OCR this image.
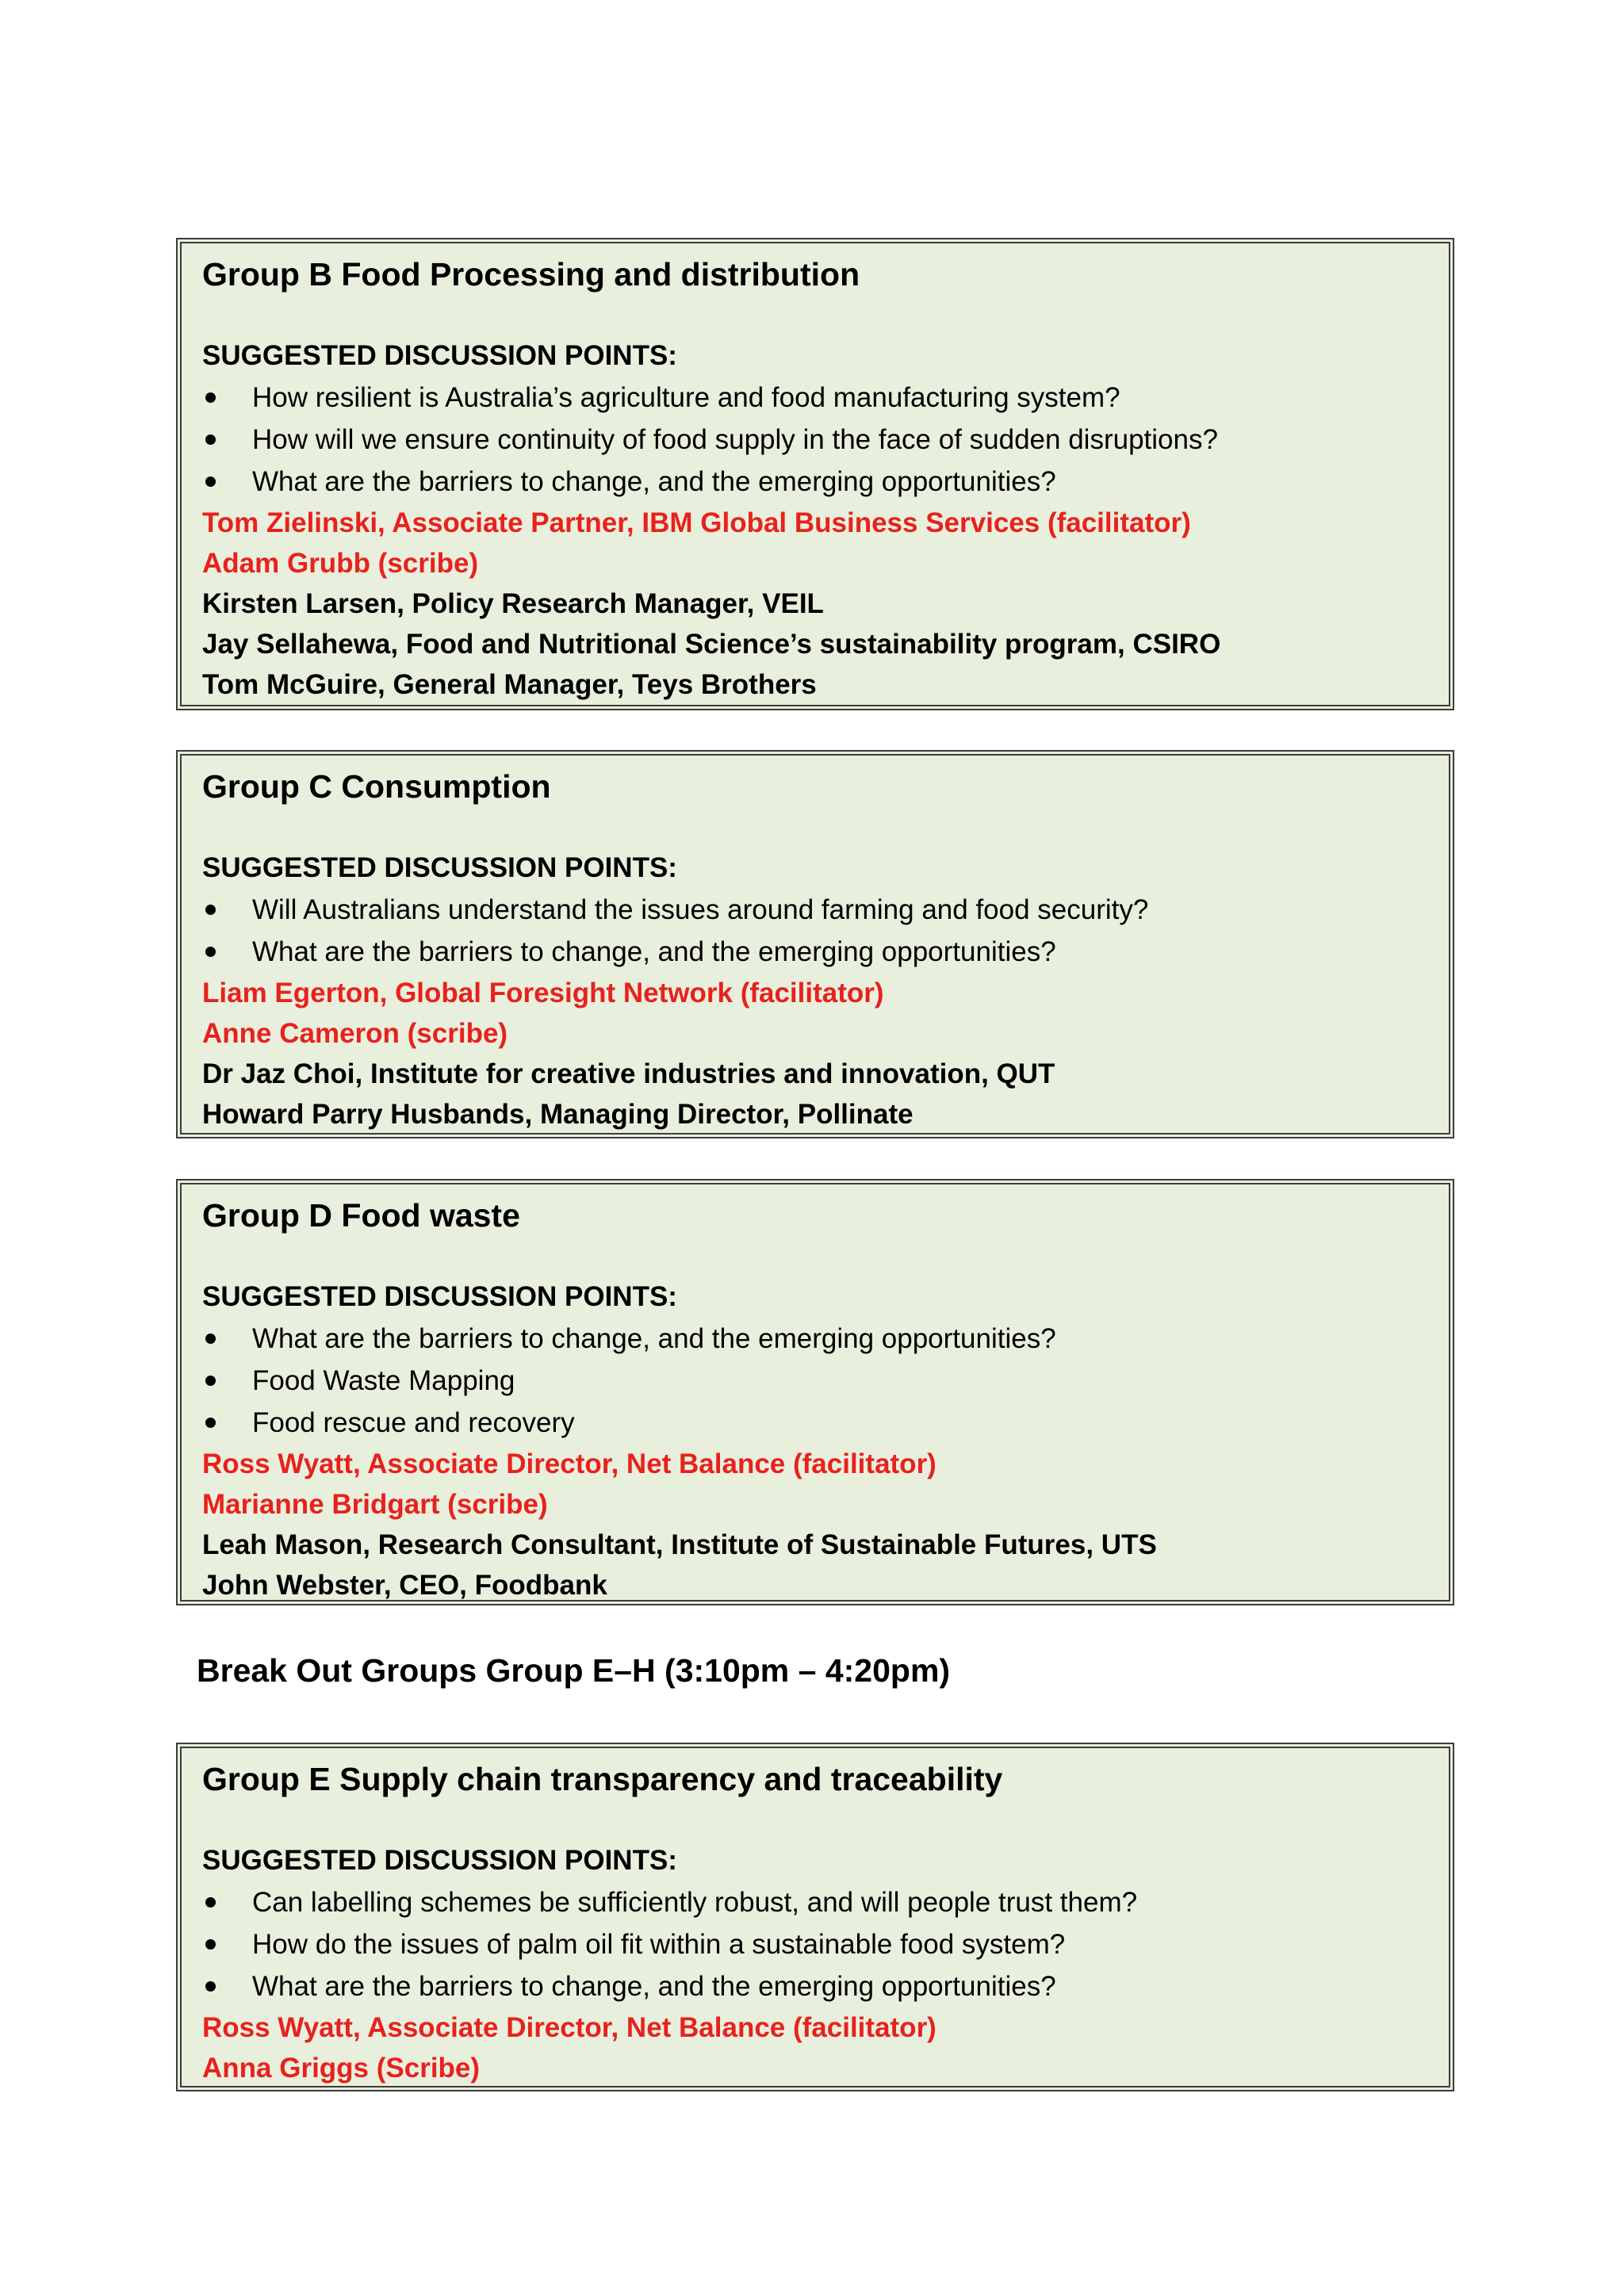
Group B Food Processing and distribution
SUGGESTED DISCUSSION POINTS:
How resilient is Australia’s agriculture and food manufacturing system?
How will we ensure continuity of food supply in the face of sudden disruptions?
What are the barriers to change, and the emerging opportunities?
Tom Zielinski, Associate Partner, IBM Global Business Services (facilitator)
Adam Grubb (scribe)
Kirsten Larsen, Policy Research Manager, VEIL
Jay Sellahewa, Food and Nutritional Science’s sustainability program, CSIRO
Tom McGuire, General Manager, Teys Brothers
Group C Consumption
SUGGESTED DISCUSSION POINTS:
Will Australians understand the issues around farming and food security?
What are the barriers to change, and the emerging opportunities?
Liam Egerton, Global Foresight Network (facilitator)
Anne Cameron (scribe)
Dr Jaz Choi, Institute for creative industries and innovation, QUT
Howard Parry Husbands, Managing Director, Pollinate
Group D Food waste
SUGGESTED DISCUSSION POINTS:
What are the barriers to change, and the emerging opportunities?
Food Waste Mapping
Food rescue and recovery
Ross Wyatt, Associate Director, Net Balance (facilitator)
Marianne Bridgart (scribe)
Leah Mason, Research Consultant, Institute of Sustainable Futures, UTS
John Webster, CEO, Foodbank
Break Out Groups Group E–H (3:10pm – 4:20pm)
Group E Supply chain transparency and traceability
SUGGESTED DISCUSSION POINTS:
Can labelling schemes be sufficiently robust, and will people trust them?
How do the issues of palm oil fit within a sustainable food system?
What are the barriers to change, and the emerging opportunities?
Ross Wyatt, Associate Director, Net Balance (facilitator)
Anna Griggs (Scribe)
